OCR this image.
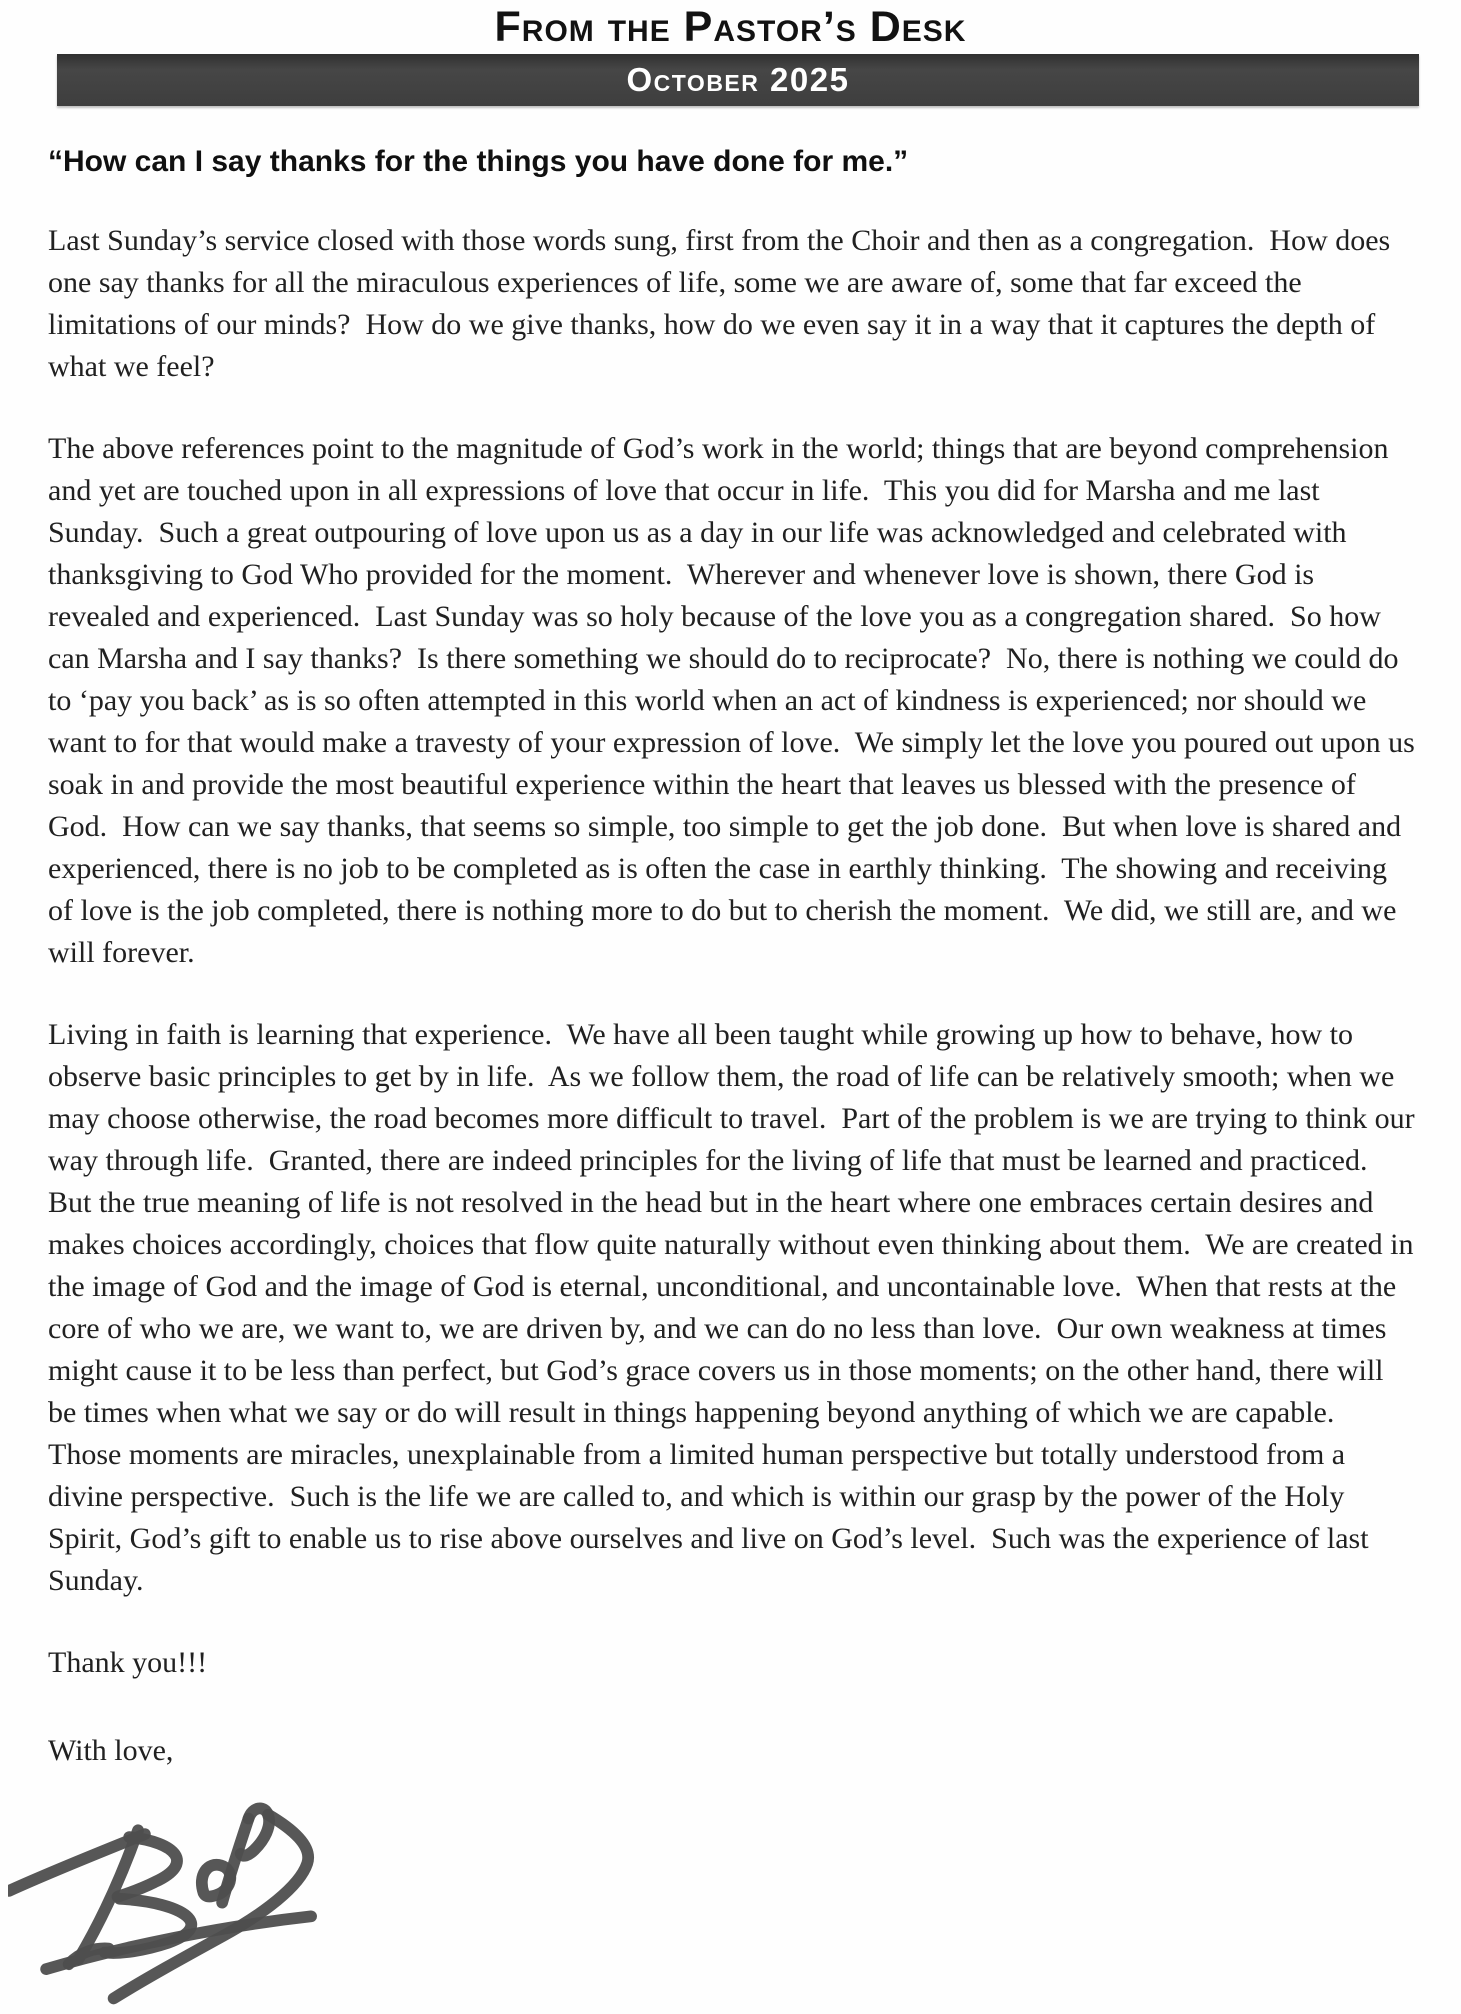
From the Pastor’s Desk
October 2025
“How can I say thanks for the things you have done for me.”

Last Sunday’s service closed with those words sung, first from the Choir and then as a congregation.  How does one say thanks for all the miraculous experiences of life, some we are aware of, some that far exceed the limitations of our minds?  How do we give thanks, how do we even say it in a way that it captures the depth of what we feel?

The above references point to the magnitude of God’s work in the world; things that are beyond comprehension and yet are touched upon in all expressions of love that occur in life.  This you did for Marsha and me last Sunday.  Such a great outpouring of love upon us as a day in our life was acknowledged and celebrated with thanksgiving to God Who provided for the moment.  Wherever and whenever love is shown, there God is revealed and experienced.  Last Sunday was so holy because of the love you as a congregation shared.  So how can Marsha and I say thanks?  Is there something we should do to reciprocate?  No, there is nothing we could do to ‘pay you back’ as is so often attempted in this world when an act of kindness is experienced; nor should we want to for that would make a travesty of your expression of love.  We simply let the love you poured out upon us soak in and provide the most beautiful experience within the heart that leaves us blessed with the presence of God.  How can we say thanks, that seems so simple, too simple to get the job done.  But when love is shared and experienced, there is no job to be completed as is often the case in earthly thinking.  The showing and receiving of love is the job completed, there is nothing more to do but to cherish the moment.  We did, we still are, and we will forever.

Living in faith is learning that experience.  We have all been taught while growing up how to behave, how to observe basic principles to get by in life.  As we follow them, the road of life can be relatively smooth; when we may choose otherwise, the road becomes more difficult to travel.  Part of the problem is we are trying to think our way through life.  Granted, there are indeed principles for the living of life that must be learned and practiced.  But the true meaning of life is not resolved in the head but in the heart where one embraces certain desires and makes choices accordingly, choices that flow quite naturally without even thinking about them.  We are created in the image of God and the image of God is eternal, unconditional, and uncontainable love.  When that rests at the core of who we are, we want to, we are driven by, and we can do no less than love.  Our own weakness at times might cause it to be less than perfect, but God’s grace covers us in those moments; on the other hand, there will be times when what we say or do will result in things happening beyond anything of which we are capable.  Those moments are miracles, unexplainable from a limited human perspective but totally understood from a divine perspective.  Such is the life we are called to, and which is within our grasp by the power of the Holy Spirit, God’s gift to enable us to rise above ourselves and live on God’s level.  Such was the experience of last Sunday.

Thank you!!!

With love,
